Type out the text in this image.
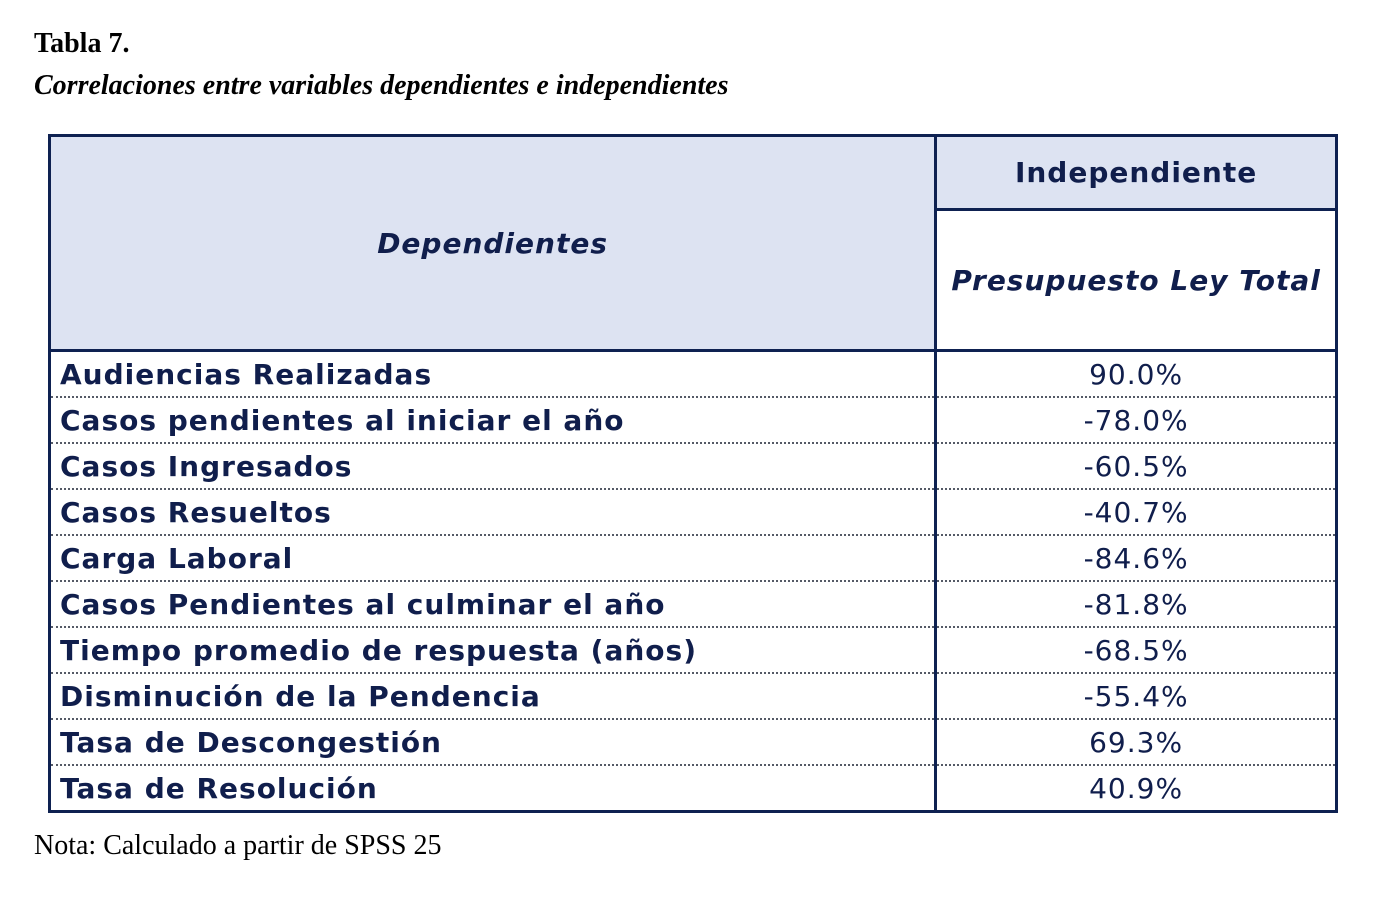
Tabla 7.
Correlaciones entre variables dependientes e independientes
Dependientes	Independiente
	Presupuesto Ley Total
Audiencias Realizadas	90.0%
Casos pendientes al iniciar el año	-78.0%
Casos Ingresados	-60.5%
Casos Resueltos	-40.7%
Carga Laboral	-84.6%
Casos Pendientes al culminar el año	-81.8%
Tiempo promedio de respuesta (años)	-68.5%
Disminución de la Pendencia	-55.4%
Tasa de Descongestión	69.3%
Tasa de Resolución	40.9%
Nota: Calculado a partir de SPSS 25
